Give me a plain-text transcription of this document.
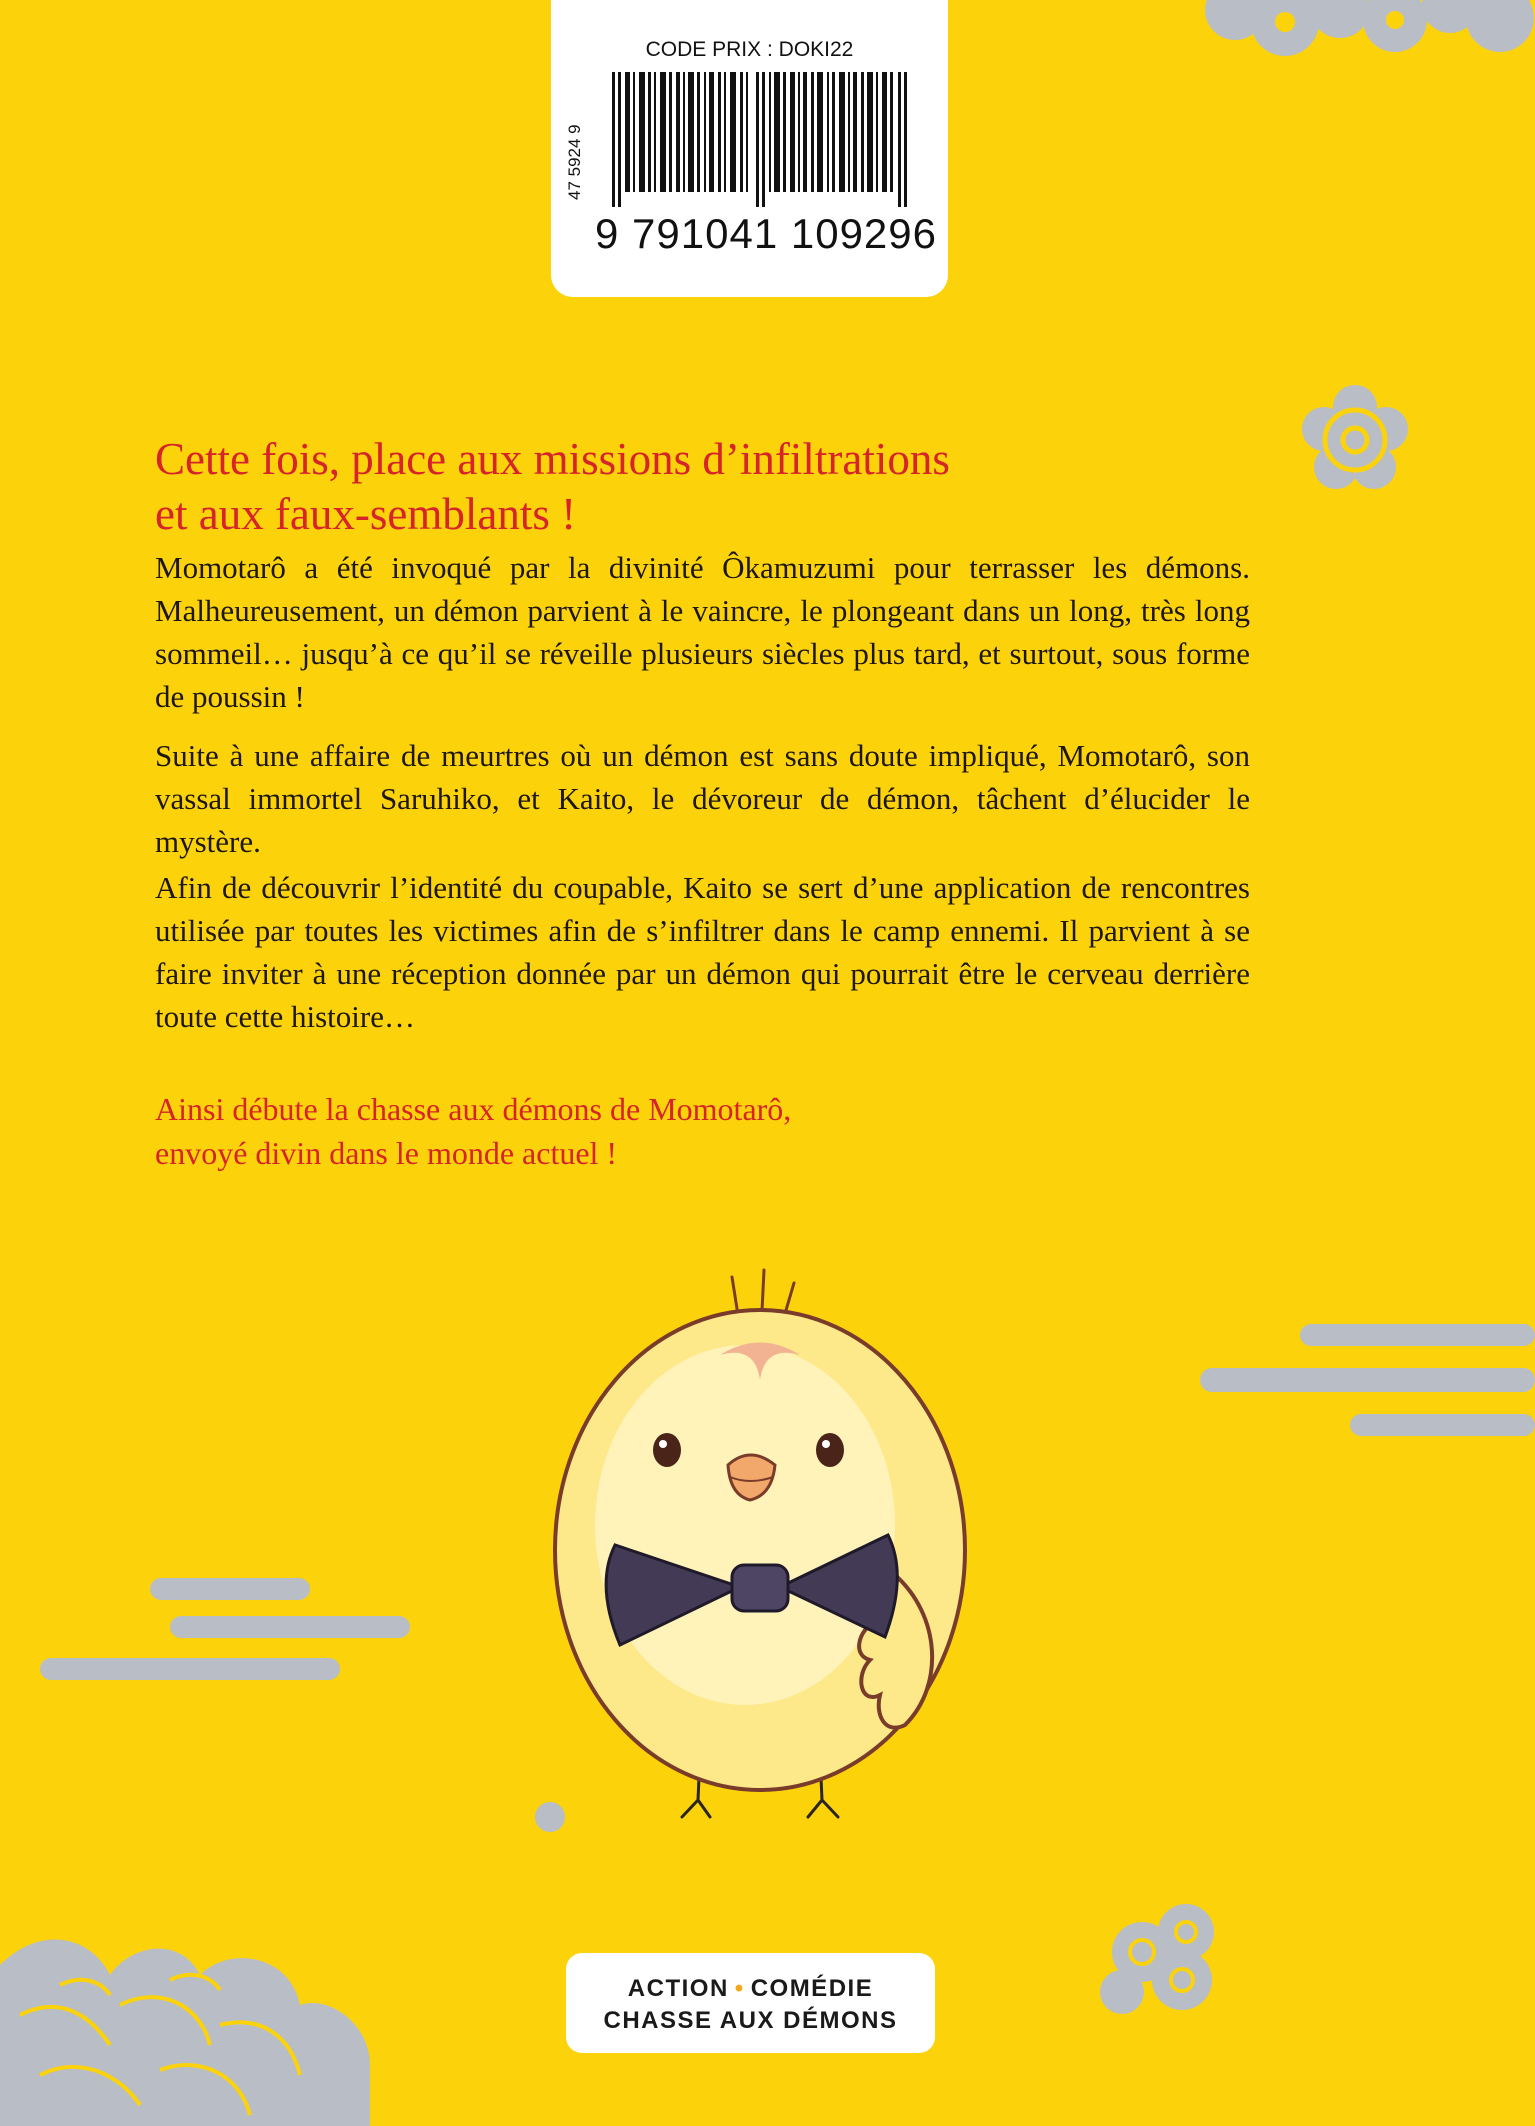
CODE PRIX : DOKI22
47 5924 9
9 791041 109296
Cette fois, place aux missions d’infiltrations
et aux faux-semblants !

Momotarô a été invoqué par la divinité Ôkamuzumi pour terrasser les démons. Malheureusement, un démon parvient à le vaincre, le plongeant dans un long, très long sommeil… jusqu’à ce qu’il se réveille plusieurs siècles plus tard, et surtout, sous forme de poussin !

Suite à une affaire de meurtres où un démon est sans doute impliqué, Momotarô, son vassal immortel Saruhiko, et Kaito, le dévoreur de démon, tâchent d’élucider le mystère.

Afin de découvrir l’identité du coupable, Kaito se sert d’une application de rencontres utilisée par toutes les victimes afin de s’infiltrer dans le camp ennemi. Il parvient à se faire inviter à une réception donnée par un démon qui pourrait être le cerveau derrière toute cette histoire…

Ainsi débute la chasse aux démons de Momotarô,
envoyé divin dans le monde actuel !

ACTION • COMÉDIE
CHASSE AUX DÉMONS
